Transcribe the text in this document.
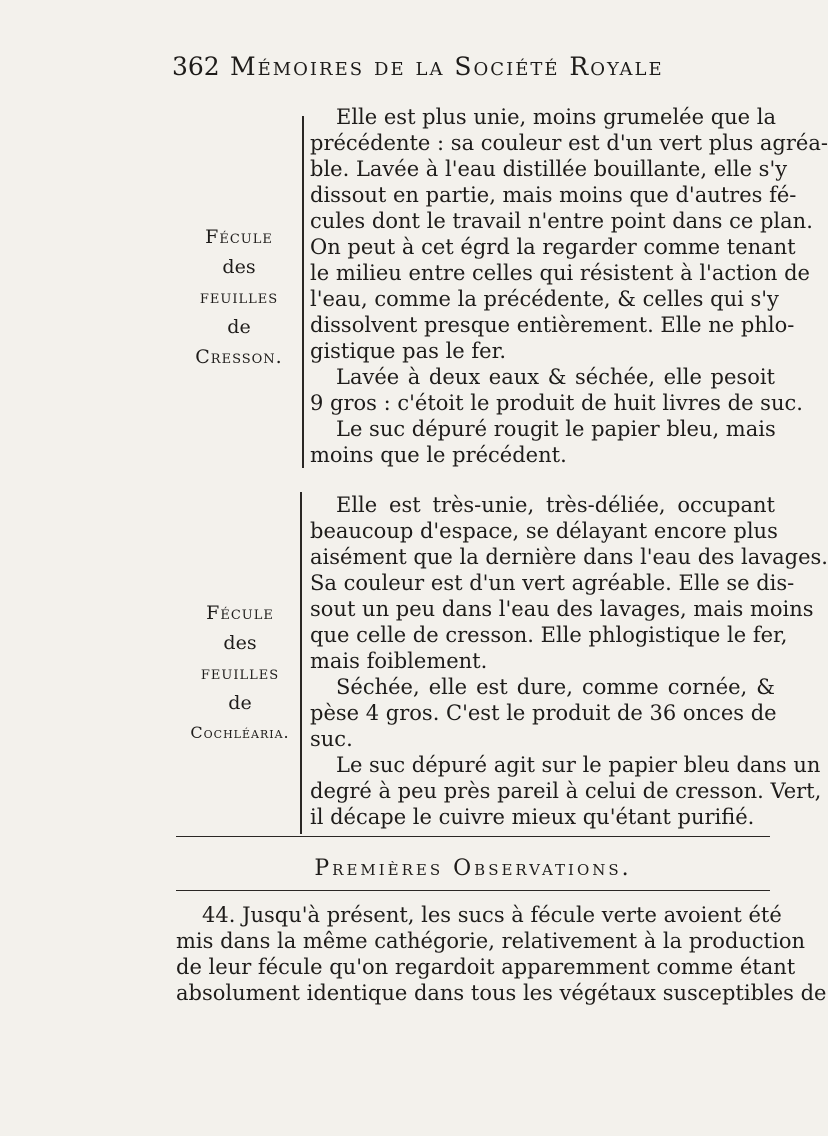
362 Mémoires de la Société Royale
Fécule
des
feuilles
de
Cresson.
Elle est plus unie, moins grumelée que la
précédente : sa couleur est d'un vert plus agréa-
ble. Lavée à l'eau distillée bouillante, elle s'y
dissout en partie, mais moins que d'autres fé-
cules dont le travail n'entre point dans ce plan.
On peut à cet égrd la regarder comme tenant
le milieu entre celles qui résistent à l'action de
l'eau, comme la précédente, & celles qui s'y
dissolvent presque entièrement. Elle ne phlo-
gistique pas le fer.
Lavée à deux eaux & séchée, elle pesoit
9 gros : c'étoit le produit de huit livres de suc.
Le suc dépuré rougit le papier bleu, mais
moins que le précédent.
Fécule
des
feuilles
de
Cochléaria.
Elle est très-unie, très-déliée, occupant
beaucoup d'espace, se délayant encore plus
aisément que la dernière dans l'eau des lavages.
Sa couleur est d'un vert agréable. Elle se dis-
sout un peu dans l'eau des lavages, mais moins
que celle de cresson. Elle phlogistique le fer,
mais foiblement.
Séchée, elle est dure, comme cornée, &
pèse 4 gros. C'est le produit de 36 onces de
suc.
Le suc dépuré agit sur le papier bleu dans un
degré à peu près pareil à celui de cresson. Vert,
il décape le cuivre mieux qu'étant purifié.
Premières Observations.
44. Jusqu'à présent, les sucs à fécule verte avoient été
mis dans la même cathégorie, relativement à la production
de leur fécule qu'on regardoit apparemment comme étant
absolument identique dans tous les végétaux susceptibles de
